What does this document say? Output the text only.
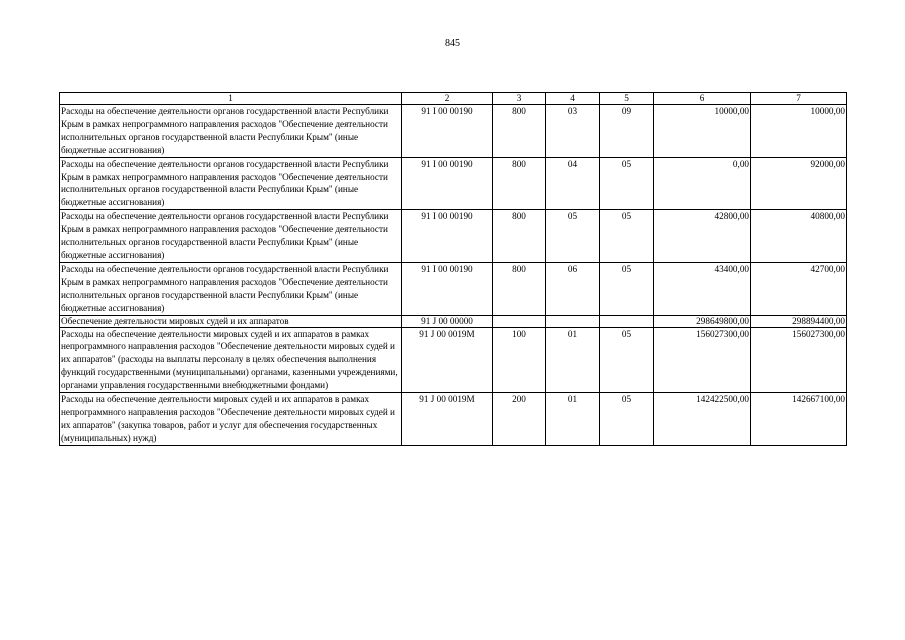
845
1	2	3	4	5	6	7
Расходы на обеспечение деятельности органов государственной власти Республики Крым в рамках непрограммного направления расходов "Обеспечение деятельности исполнительных органов государственной власти Республики Крым" (иные бюджетные ассигнования)	91 I 00 00190	800	03	09	10000,00	10000,00
Расходы на обеспечение деятельности органов государственной власти Республики Крым в рамках непрограммного направления расходов "Обеспечение деятельности исполнительных органов государственной власти Республики Крым" (иные бюджетные ассигнования)	91 I 00 00190	800	04	05	0,00	92000,00
Расходы на обеспечение деятельности органов государственной власти Республики Крым в рамках непрограммного направления расходов "Обеспечение деятельности исполнительных органов государственной власти Республики Крым" (иные бюджетные ассигнования)	91 I 00 00190	800	05	05	42800,00	40800,00
Расходы на обеспечение деятельности органов государственной власти Республики Крым в рамках непрограммного направления расходов "Обеспечение деятельности исполнительных органов государственной власти Республики Крым" (иные бюджетные ассигнования)	91 I 00 00190	800	06	05	43400,00	42700,00
Обеспечение деятельности мировых судей и их аппаратов	91 J 00 00000				298649800,00	298894400,00
Расходы на обеспечение деятельности мировых судей и их аппаратов в рамках непрограммного направления расходов "Обеспечение деятельности мировых судей и их аппаратов" (расходы на выплаты персоналу в целях обеспечения выполнения функций государственными (муниципальными) органами, казенными учреждениями, органами управления государственными внебюджетными фондами)	91 J 00 0019M	100	01	05	156027300,00	156027300,00
Расходы на обеспечение деятельности мировых судей и их аппаратов в рамках непрограммного направления расходов "Обеспечение деятельности мировых судей и их аппаратов" (закупка товаров, работ и услуг для обеспечения государственных (муниципальных) нужд)	91 J 00 0019M	200	01	05	142422500,00	142667100,00
